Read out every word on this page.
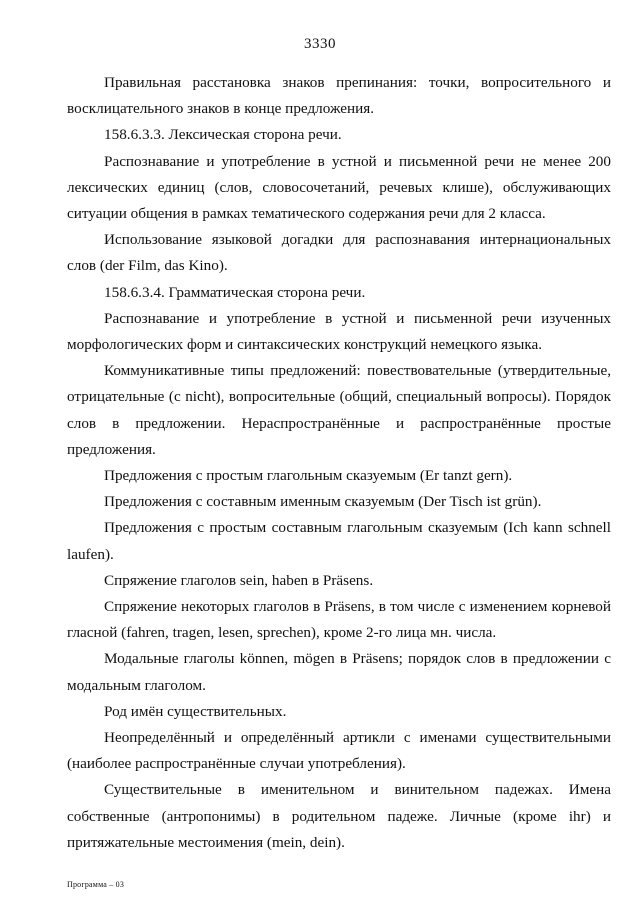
3330

Правильная расстановка знаков препинания: точки, вопросительного и восклицательного знаков в конце предложения.

158.6.3.3. Лексическая сторона речи.

Распознавание и употребление в устной и письменной речи не менее 200 лексических единиц (слов, словосочетаний, речевых клише), обслуживающих ситуации общения в рамках тематического содержания речи для 2 класса.

Использование языковой догадки для распознавания интернациональных слов (der Film, das Kino).

158.6.3.4. Грамматическая сторона речи.

Распознавание и употребление в устной и письменной речи изученных морфологических форм и синтаксических конструкций немецкого языка.

Коммуникативные типы предложений: повествовательные (утвердительные, отрицательные (с nicht), вопросительные (общий, специальный вопросы). Порядок слов в предложении. Нераспространённые и распространённые простые предложения.

Предложения с простым глагольным сказуемым (Er tanzt gern).

Предложения с составным именным сказуемым (Der Tisch ist grün).

Предложения с простым составным глагольным сказуемым (Ich kann schnell laufen).

Спряжение глаголов sein, haben в Präsens.

Спряжение некоторых глаголов в Präsens, в том числе с изменением корневой гласной (fahren, tragen, lesen, sprechen), кроме 2-го лица мн. числа.

Модальные глаголы können, mögen в Präsens; порядок слов в предложении с модальным глаголом.

Род имён существительных.

Неопределённый и определённый артикли с именами существительными (наиболее распространённые случаи употребления).

Существительные в именительном и винительном падежах. Имена собственные (антропонимы) в родительном падеже. Личные (кроме ihr) и притяжательные местоимения (mein, dein).

Программа – 03
